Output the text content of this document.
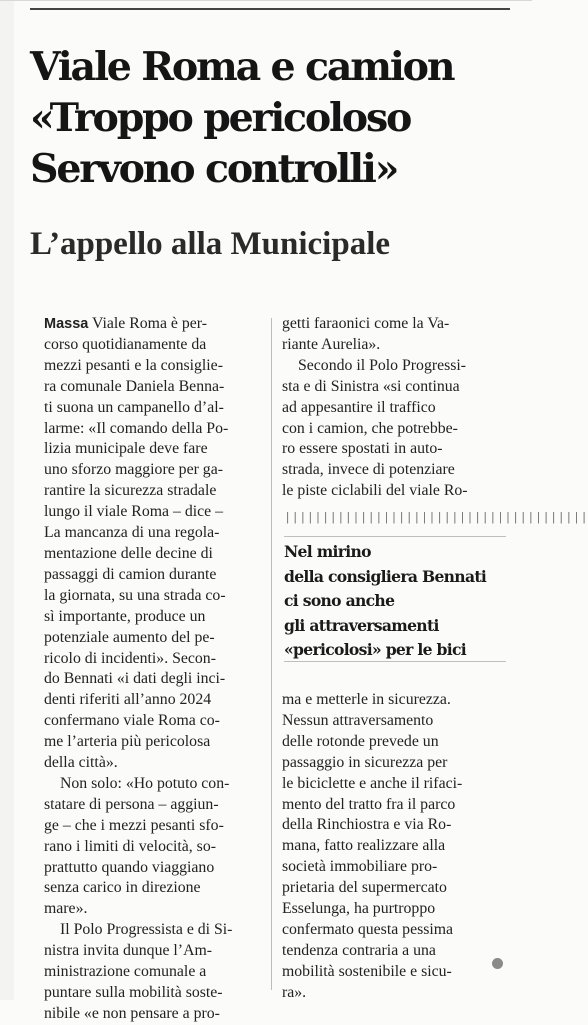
Viale Roma e camion
«Troppo pericoloso
Servono controlli»
L’appello alla Municipale
Massa Viale Roma è per-
corso quotidianamente da
mezzi pesanti e la consiglie-
ra comunale Daniela Benna-
ti suona un campanello d’al-
larme: «Il comando della Po-
lizia municipale deve fare
uno sforzo maggiore per ga-
rantire la sicurezza stradale
lungo il viale Roma – dice –
La mancanza di una regola-
mentazione delle decine di
passaggi di camion durante
la giornata, su una strada co-
sì importante, produce un
potenziale aumento del pe-
ricolo di incidenti». Secon-
do Bennati «i dati degli inci-
denti riferiti all’anno 2024
confermano viale Roma co-
me l’arteria più pericolosa
della città».
Non solo: «Ho potuto con-
statare di persona – aggiun-
ge – che i mezzi pesanti sfo-
rano i limiti di velocità, so-
prattutto quando viaggiano
senza carico in direzione
mare».
Il Polo Progressista e di Si-
nistra invita dunque l’Am-
ministrazione comunale a
puntare sulla mobilità soste-
nibile «e non pensare a pro-
getti faraonici come la Va-
riante Aurelia».
Secondo il Polo Progressi-
sta e di Sinistra «si continua
ad appesantire il traffico
con i camion, che potrebbe-
ro essere spostati in auto-
strada, invece di potenziare
le piste ciclabili del viale Ro-
||||||||||||||||||||||||||||||||||||||||
Nel mirino
della consigliera Bennati
ci sono anche
gli attraversamenti
«pericolosi» per le bici
ma e metterle in sicurezza.
Nessun attraversamento
delle rotonde prevede un
passaggio in sicurezza per
le biciclette e anche il rifaci-
mento del tratto fra il parco
della Rinchiostra e via Ro-
mana, fatto realizzare alla
società immobiliare pro-
prietaria del supermercato
Esselunga, ha purtroppo
confermato questa pessima
tendenza contraria a una
mobilità sostenibile e sicu-
ra».
